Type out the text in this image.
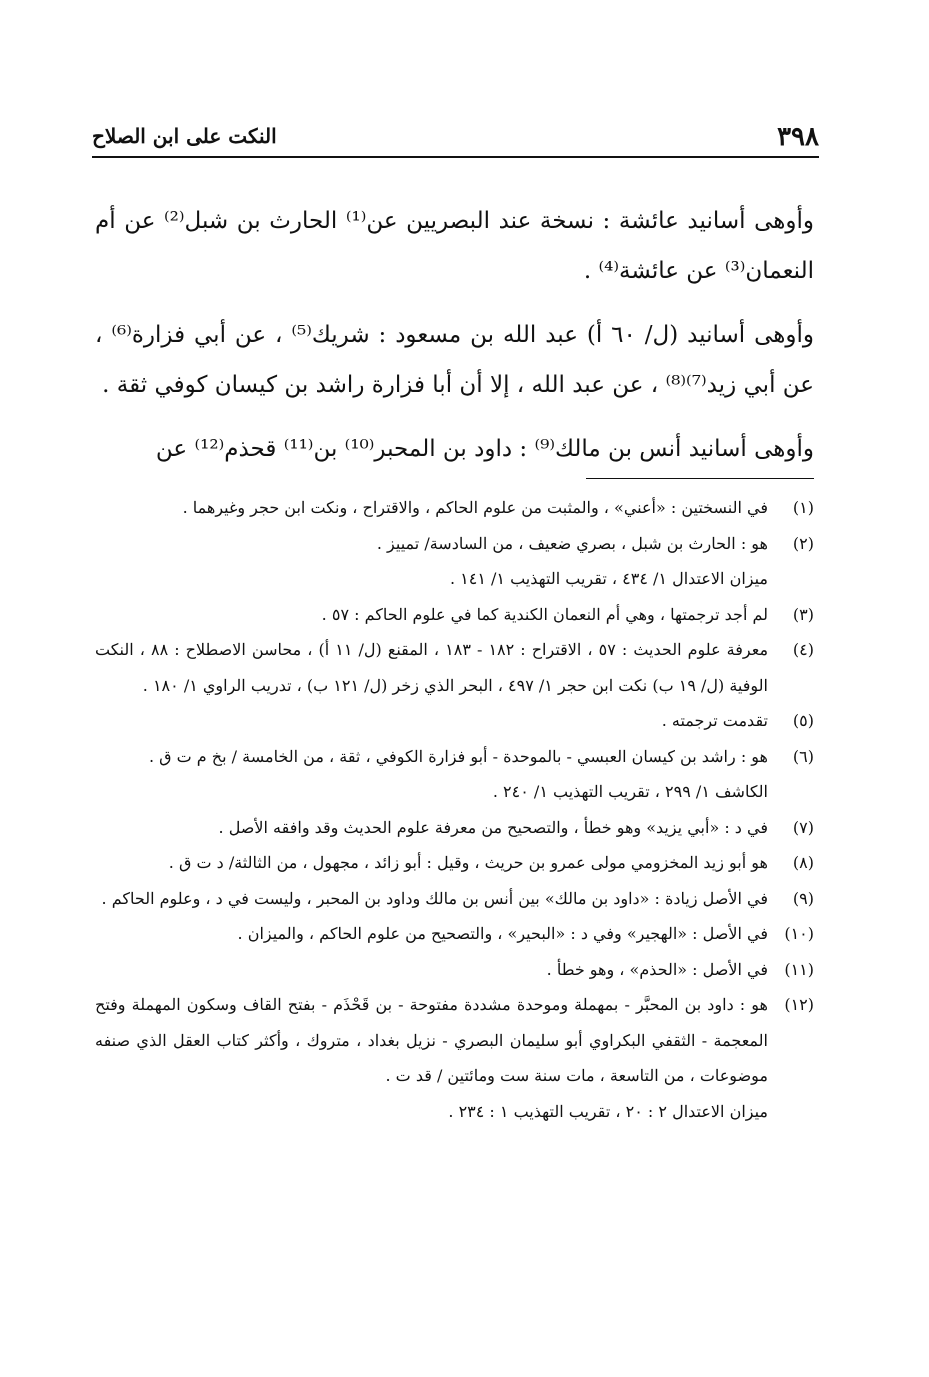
٣٩٨
النكت على ابن الصلاح

وأوهى أسانيد عائشة : نسخة عند البصريين عن⁽¹⁾ الحارث بن شبل⁽²⁾ عن أم النعمان⁽³⁾ عن عائشة⁽⁴⁾ .

وأوهى أسانيد (ل/ ٦٠ أ) عبد الله بن مسعود : شريك⁽⁵⁾ ، عن أبي فزارة⁽⁶⁾ ، عن أبي زيد⁽⁷⁾⁽⁸⁾ ، عن عبد الله ، إلا أن أبا فزارة راشد بن كيسان كوفي ثقة .

وأوهى أسانيد أنس بن مالك⁽⁹⁾ : داود بن المحبر⁽¹⁰⁾ بن⁽¹¹⁾ قحذم⁽¹²⁾ عن

(١)
في النسختين : «أعني» ، والمثبت من علوم الحاكم ، والاقتراح ، ونكت ابن حجر وغيرهما .
(٢)
هو : الحارث بن شبل ، بصري ضعيف ، من السادسة/ تمييز .
ميزان الاعتدال ١/ ٤٣٤ ، تقريب التهذيب ١/ ١٤١ .
(٣)
لم أجد ترجمتها ، وهي أم النعمان الكندية كما في علوم الحاكم : ٥٧ .
(٤)
معرفة علوم الحديث : ٥٧ ، الاقتراح : ١٨٢ - ١٨٣ ، المقنع (ل/ ١١ أ) ، محاسن الاصطلاح : ٨٨ ، النكت الوفية (ل/ ١٩ ب) نكت ابن حجر ١/ ٤٩٧ ، البحر الذي زخر (ل/ ١٢١ ب) ، تدريب الراوي ١/ ١٨٠ .
(٥)
تقدمت ترجمته .
(٦)
هو : راشد بن كيسان العبسي - بالموحدة - أبو فزارة الكوفي ، ثقة ، من الخامسة / بخ م ت ق .
الكاشف ١/ ٢٩٩ ، تقريب التهذيب ١/ ٢٤٠ .
(٧)
في د : «أبي يزيد» وهو خطأ ، والتصحيح من معرفة علوم الحديث وقد وافقه الأصل .
(٨)
هو أبو زيد المخزومي مولى عمرو بن حريث ، وقيل : أبو زائد ، مجهول ، من الثالثة/ د ت ق .
(٩)
في الأصل زيادة : «داود بن مالك» بين أنس بن مالك وداود بن المحبر ، وليست في د ، وعلوم الحاكم .
(١٠)
في الأصل : «الهجير» وفي د : «البحير» ، والتصحيح من علوم الحاكم ، والميزان .
(١١)
في الأصل : «الحذم» ، وهو خطأ .
(١٢)
هو : داود بن المحبَّر - بمهملة وموحدة مشددة مفتوحة - بن قَحْذَم - بفتح القاف وسكون المهملة وفتح المعجمة - الثقفي البكراوي أبو سليمان البصري - نزيل بغداد ، متروك ، وأكثر كتاب العقل الذي صنفه موضوعات ، من التاسعة ، مات سنة ست ومائتين / قد ت .
ميزان الاعتدال ٢ : ٢٠ ، تقريب التهذيب ١ : ٢٣٤ .
